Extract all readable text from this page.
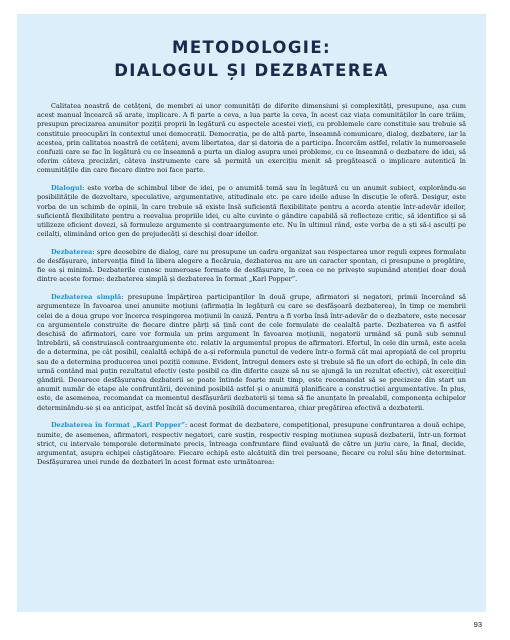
METODOLOGIE:
DIALOGUL ȘI DEZBATEREA

Calitatea noastră de cetățeni, de membri ai unor comunități de diferite dimensiuni și complexități, presupune, așa cum acest manual încearcă să arate, implicare. A fi parte a ceva, a lua parte la ceva, în acest caz viața comunităților în care trăim, presupun precizarea anumitor poziții proprii în legătură cu aspectele acestei vieți, cu problemele care constituie sau trebuie să constituie preocupări în contextul unei democrații. Democrația, pe de altă parte, înseamnă comunicare, dialog, dezbatere, iar la acestea, prin calitatea noastră de cetățeni, avem libertatea, dar și datoria de a participa. Încercăm astfel, relativ la numeroasele confuzii care se fac în legătură cu ce înseamnă a purta un dialog asupra unei probleme, cu ce înseamnă o dezbatere de idei, să oferim câteva precizări, câteva instrumente care să permită un exercițiu menit să pregătească o implicare autentică în comunitățile din care fiecare dintre noi face parte.

Dialogul: este vorba de schimbul liber de idei, pe o anumită temă sau în legătură cu un anumit subiect, explorându-se posibilitățile de dezvoltare, speculative, argumentative, atitudinale etc. pe care ideile aduse în discuție le oferă. Desigur, este vorba de un schimb de opinii, în care trebuie să existe însă suficientă flexibilitate pentru a acorda atenție într-adevăr ideilor, suficientă flexibilitate pentru a reevalua propriile idei, cu alte cuvinte o gândire capabilă să reflecteze critic, să identifice și să utilizeze eficient dovezi, să formuleze argumente și contraargumente etc. Nu în ultimul rând, este vorba de a ști să-i asculți pe ceilalți, eliminând orice gen de prejudecăți și deschiși doar ideilor.

Dezbaterea: spre deosebire de dialog, care nu presupune un cadru organizat sau respectarea unor reguli expres formulate de desfășurare, intervenția fiind la libera alegere a fiecăruia, dezbaterea nu are un caracter spontan, ci presupune o pregătire, fie ea și minimă. Dezbaterile cunosc numeroase formate de desfășurare, în ceea ce ne privește supunând atenției doar două dintre aceste forme: dezbaterea simplă și dezbaterea în format „Karl Popper”.

Dezbaterea simplă: presupune împărțirea participanților în două grupe, afirmatori și negatori, primii încercând să argumenteze în favoarea unei anumite moțiuni (afirmația în legătură cu care se desfășoară dezbaterea), în timp ce membrii celei de a doua grupe vor încerca respingerea moțiunii în cauză. Pentru a fi vorba însă într-adevăr de o dezbatere, este necesar ca argumentele construite de fiecare dintre părți să țină cont de cele formulate de cealaltă parte. Dezbaterea va fi astfel deschisă de afirmatori, care vor formula un prim argument în favoarea moțiunii, negatorii urmând să pună sub semnul întrebării, să construiască contraargumente etc. relativ la argumentul propus de afirmatori. Efortul, în cele din urmă, este acela de a determina, pe cât posibil, cealaltă echipă de a-și reformula punctul de vedere într-o formă cât mai apropiată de cel propriu sau de a determina producerea unei poziții comune. Evident, întregul demers este și trebuie să fie un efort de echipă, în cele din urmă contând mai puțin rezultatul efectiv (este posibil ca din diferite cauze să nu se ajungă la un rezultat efectiv), cât exercițiul gândirii. Deoarece desfășurarea dezbaterii se poate întinde foarte mult timp, este recomandat să se precizeze din start un anumit număr de etape ale confruntării, devenind posibilă astfel și o anumită planificare a construcției argumentative. În plus, este, de asemenea, recomandat ca momentul desfășurării dezbaterii și tema să fie anunțate în prealabil, componența echipelor determinându-se și ea anticipat, astfel încât să devină posibilă documentarea, chiar pregătirea efectivă a dezbaterii.

Dezbaterea în format „Karl Popper”: acest format de dezbatere, competițional, presupune confruntarea a două echipe, numite, de asemenea, afirmatori, respectiv negatori, care susțin, respectiv resping moțiunea supusă dezbaterii, într-un format strict, cu intervale temporale determinate precis, întreaga confruntare fiind evaluată de către un juriu care, la final, decide, argumentat, asupra echipei câștigătoare. Fiecare echipă este alcătuită din trei persoane, fiecare cu rolul său bine determinat. Desfășurarea unei runde de dezbateri în acest format este următoarea:

93
